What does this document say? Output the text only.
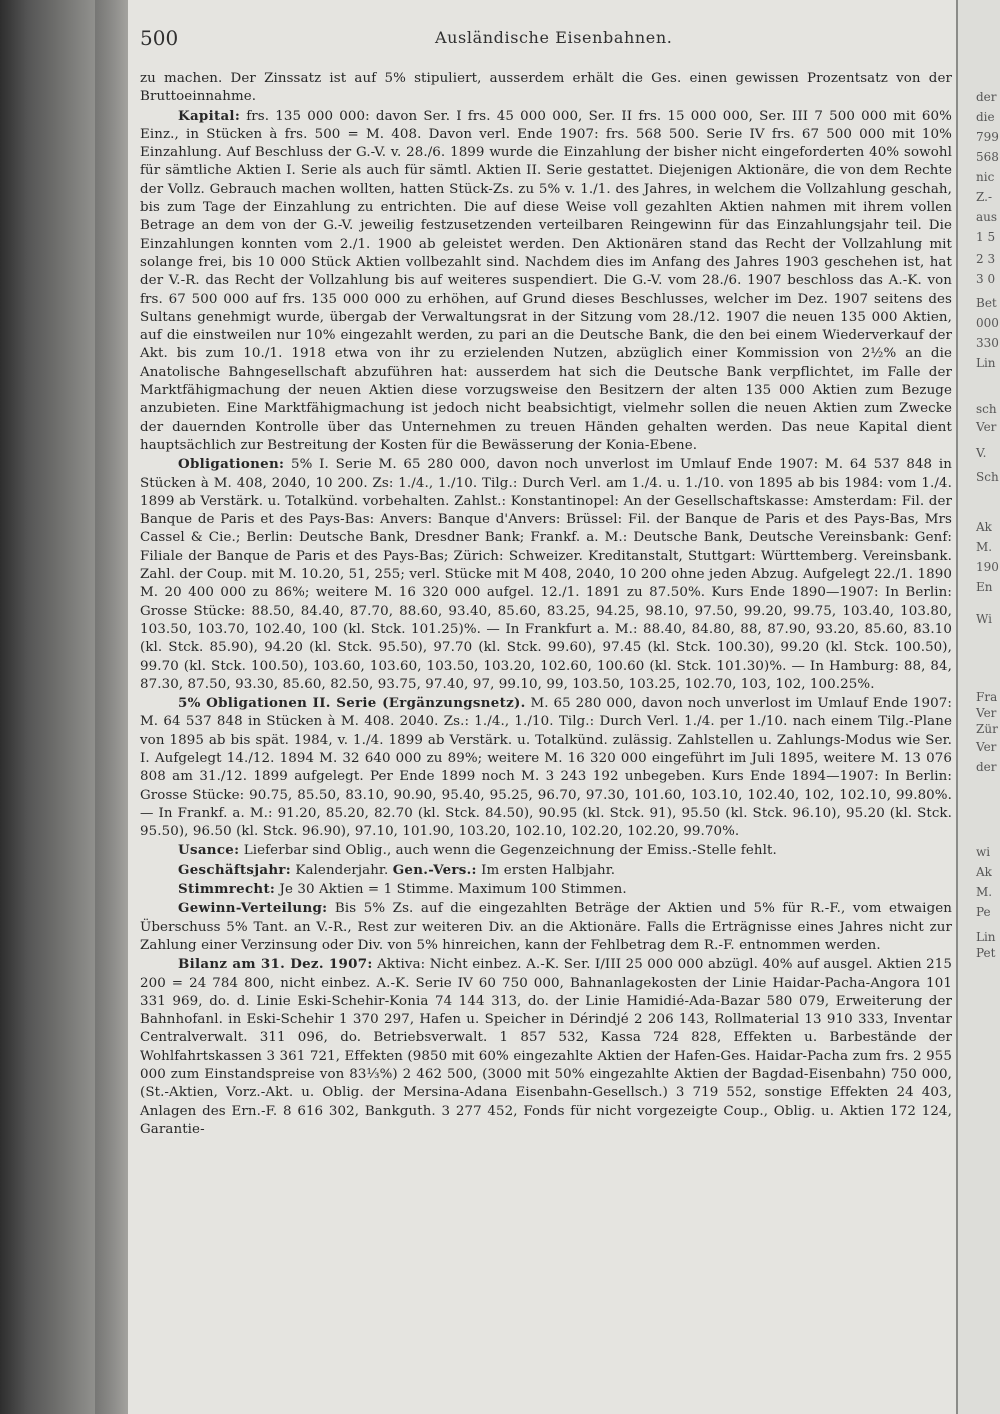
500	Ausländische Eisenbahnen.

zu machen. Der Zinssatz ist auf 5% stipuliert, ausserdem erhält die Ges. einen gewissen Prozentsatz von der Bruttoeinnahme.

Kapital: frs. 135 000 000: davon Ser. I frs. 45 000 000, Ser. II frs. 15 000 000, Ser. III 7 500 000 mit 60% Einz., in Stücken à frs. 500 = M. 408. Davon verl. Ende 1907: frs. 568 500. Serie IV frs. 67 500 000 mit 10% Einzahlung. Auf Beschluss der G.-V. v. 28./6. 1899 wurde die Einzahlung der bisher nicht eingeforderten 40% sowohl für sämtliche Aktien I. Serie als auch für sämtl. Aktien II. Serie gestattet. Diejenigen Aktionäre, die von dem Rechte der Vollz. Gebrauch machen wollten, hatten Stück-Zs. zu 5% v. 1./1. des Jahres, in welchem die Vollzahlung geschah, bis zum Tage der Einzahlung zu entrichten. Die auf diese Weise voll gezahlten Aktien nahmen mit ihrem vollen Betrage an dem von der G.-V. jeweilig festzusetzenden verteilbaren Reingewinn für das Einzahlungsjahr teil. Die Einzahlungen konnten vom 2./1. 1900 ab geleistet werden. Den Aktionären stand das Recht der Vollzahlung mit solange frei, bis 10 000 Stück Aktien vollbezahlt sind. Nachdem dies im Anfang des Jahres 1903 geschehen ist, hat der V.-R. das Recht der Vollzahlung bis auf weiteres suspendiert. Die G.-V. vom 28./6. 1907 beschloss das A.-K. von frs. 67 500 000 auf frs. 135 000 000 zu erhöhen, auf Grund dieses Beschlusses, welcher im Dez. 1907 seitens des Sultans genehmigt wurde, übergab der Verwaltungsrat in der Sitzung vom 28./12. 1907 die neuen 135 000 Aktien, auf die einstweilen nur 10% eingezahlt werden, zu pari an die Deutsche Bank, die den bei einem Wiederverkauf der Akt. bis zum 10./1. 1918 etwa von ihr zu erzielenden Nutzen, abzüglich einer Kommission von 2½% an die Anatolische Bahngesellschaft abzuführen hat: ausserdem hat sich die Deutsche Bank verpflichtet, im Falle der Marktfähigmachung der neuen Aktien diese vorzugsweise den Besitzern der alten 135 000 Aktien zum Bezuge anzubieten. Eine Marktfähigmachung ist jedoch nicht beabsichtigt, vielmehr sollen die neuen Aktien zum Zwecke der dauernden Kontrolle über das Unternehmen zu treuen Händen gehalten werden. Das neue Kapital dient hauptsächlich zur Bestreitung der Kosten für die Bewässerung der Konia-Ebene.

Obligationen: 5% I. Serie M. 65 280 000, davon noch unverlost im Umlauf Ende 1907: M. 64 537 848 in Stücken à M. 408, 2040, 10 200. Zs: 1./4., 1./10. Tilg.: Durch Verl. am 1./4. u. 1./10. von 1895 ab bis 1984: vom 1./4. 1899 ab Verstärk. u. Totalkünd. vorbehalten. Zahlst.: Konstantinopel: An der Gesellschaftskasse: Amsterdam: Fil. der Banque de Paris et des Pays-Bas: Anvers: Banque d'Anvers: Brüssel: Fil. der Banque de Paris et des Pays-Bas, Mrs Cassel & Cie.; Berlin: Deutsche Bank, Dresdner Bank; Frankf. a. M.: Deutsche Bank, Deutsche Vereinsbank: Genf: Filiale der Banque de Paris et des Pays-Bas; Zürich: Schweizer. Kreditanstalt, Stuttgart: Württemberg. Vereinsbank. Zahl. der Coup. mit M. 10.20, 51, 255; verl. Stücke mit M 408, 2040, 10 200 ohne jeden Abzug. Aufgelegt 22./1. 1890 M. 20 400 000 zu 86%; weitere M. 16 320 000 aufgel. 12./1. 1891 zu 87.50%. Kurs Ende 1890—1907: In Berlin: Grosse Stücke: 88.50, 84.40, 87.70, 88.60, 93.40, 85.60, 83.25, 94.25, 98.10, 97.50, 99.20, 99.75, 103.40, 103.80, 103.50, 103.70, 102.40, 100 (kl. Stck. 101.25)%. — In Frankfurt a. M.: 88.40, 84.80, 88, 87.90, 93.20, 85.60, 83.10 (kl. Stck. 85.90), 94.20 (kl. Stck. 95.50), 97.70 (kl. Stck. 99.60), 97.45 (kl. Stck. 100.30), 99.20 (kl. Stck. 100.50), 99.70 (kl. Stck. 100.50), 103.60, 103.60, 103.50, 103.20, 102.60, 100.60 (kl. Stck. 101.30)%. — In Hamburg: 88, 84, 87.30, 87.50, 93.30, 85.60, 82.50, 93.75, 97.40, 97, 99.10, 99, 103.50, 103.25, 102.70, 103, 102, 100.25%.

5% Obligationen II. Serie (Ergänzungsnetz). M. 65 280 000, davon noch unverlost im Umlauf Ende 1907: M. 64 537 848 in Stücken à M. 408. 2040. Zs.: 1./4., 1./10. Tilg.: Durch Verl. 1./4. per 1./10. nach einem Tilg.-Plane von 1895 ab bis spät. 1984, v. 1./4. 1899 ab Verstärk. u. Totalkünd. zulässig. Zahlstellen u. Zahlungs-Modus wie Ser. I. Aufgelegt 14./12. 1894 M. 32 640 000 zu 89%; weitere M. 16 320 000 eingeführt im Juli 1895, weitere M. 13 076 808 am 31./12. 1899 aufgelegt. Per Ende 1899 noch M. 3 243 192 unbegeben. Kurs Ende 1894—1907: In Berlin: Grosse Stücke: 90.75, 85.50, 83.10, 90.90, 95.40, 95.25, 96.70, 97.30, 101.60, 103.10, 102.40, 102, 102.10, 99.80%. — In Frankf. a. M.: 91.20, 85.20, 82.70 (kl. Stck. 84.50), 90.95 (kl. Stck. 91), 95.50 (kl. Stck. 96.10), 95.20 (kl. Stck. 95.50), 96.50 (kl. Stck. 96.90), 97.10, 101.90, 103.20, 102.10, 102.20, 102.20, 99.70%.

Usance: Lieferbar sind Oblig., auch wenn die Gegenzeichnung der Emiss.-Stelle fehlt.

Geschäftsjahr: Kalenderjahr. Gen.-Vers.: Im ersten Halbjahr.

Stimmrecht: Je 30 Aktien = 1 Stimme. Maximum 100 Stimmen.

Gewinn-Verteilung: Bis 5% Zs. auf die eingezahlten Beträge der Aktien und 5% für R.-F., vom etwaigen Überschuss 5% Tant. an V.-R., Rest zur weiteren Div. an die Aktionäre. Falls die Erträgnisse eines Jahres nicht zur Zahlung einer Verzinsung oder Div. von 5% hinreichen, kann der Fehlbetrag dem R.-F. entnommen werden.

Bilanz am 31. Dez. 1907: Aktiva: Nicht einbez. A.-K. Ser. I/III 25 000 000 abzügl. 40% auf ausgel. Aktien 215 200 = 24 784 800, nicht einbez. A.-K. Serie IV 60 750 000, Bahnanlagekosten der Linie Haidar-Pacha-Angora 101 331 969, do. d. Linie Eski-Schehir-Konia 74 144 313, do. der Linie Hamidié-Ada-Bazar 580 079, Erweiterung der Bahnhofanl. in Eski-Schehir 1 370 297, Hafen u. Speicher in Dérindjé 2 206 143, Rollmaterial 13 910 333, Inventar Centralverwalt. 311 096, do. Betriebsverwalt. 1 857 532, Kassa 724 828, Effekten u. Barbestände der Wohlfahrtskassen 3 361 721, Effekten (9850 mit 60% eingezahlte Aktien der Hafen-Ges. Haidar-Pacha zum frs. 2 955 000 zum Einstandspreise von 83⅓%) 2 462 500, (3000 mit 50% eingezahlte Aktien der Bagdad-Eisenbahn) 750 000, (St.-Aktien, Vorz.-Akt. u. Oblig. der Mersina-Adana Eisenbahn-Gesellsch.) 3 719 552, sonstige Effekten 24 403, Anlagen des Ern.-F. 8 616 302, Bankguth. 3 277 452, Fonds für nicht vorgezeigte Coup., Oblig. u. Aktien 172 124, Garantie-

der
die
799
568
nic
Z.-
aus
1 5
2 3
3 0
Bet
000
330
Lin
sch
Ver
V.
Sch
Ak
M.
190
En
Wi
Fra
Ver
Zür
Ver
der
wi
Ak
M.
Pe
Lin
Pet
